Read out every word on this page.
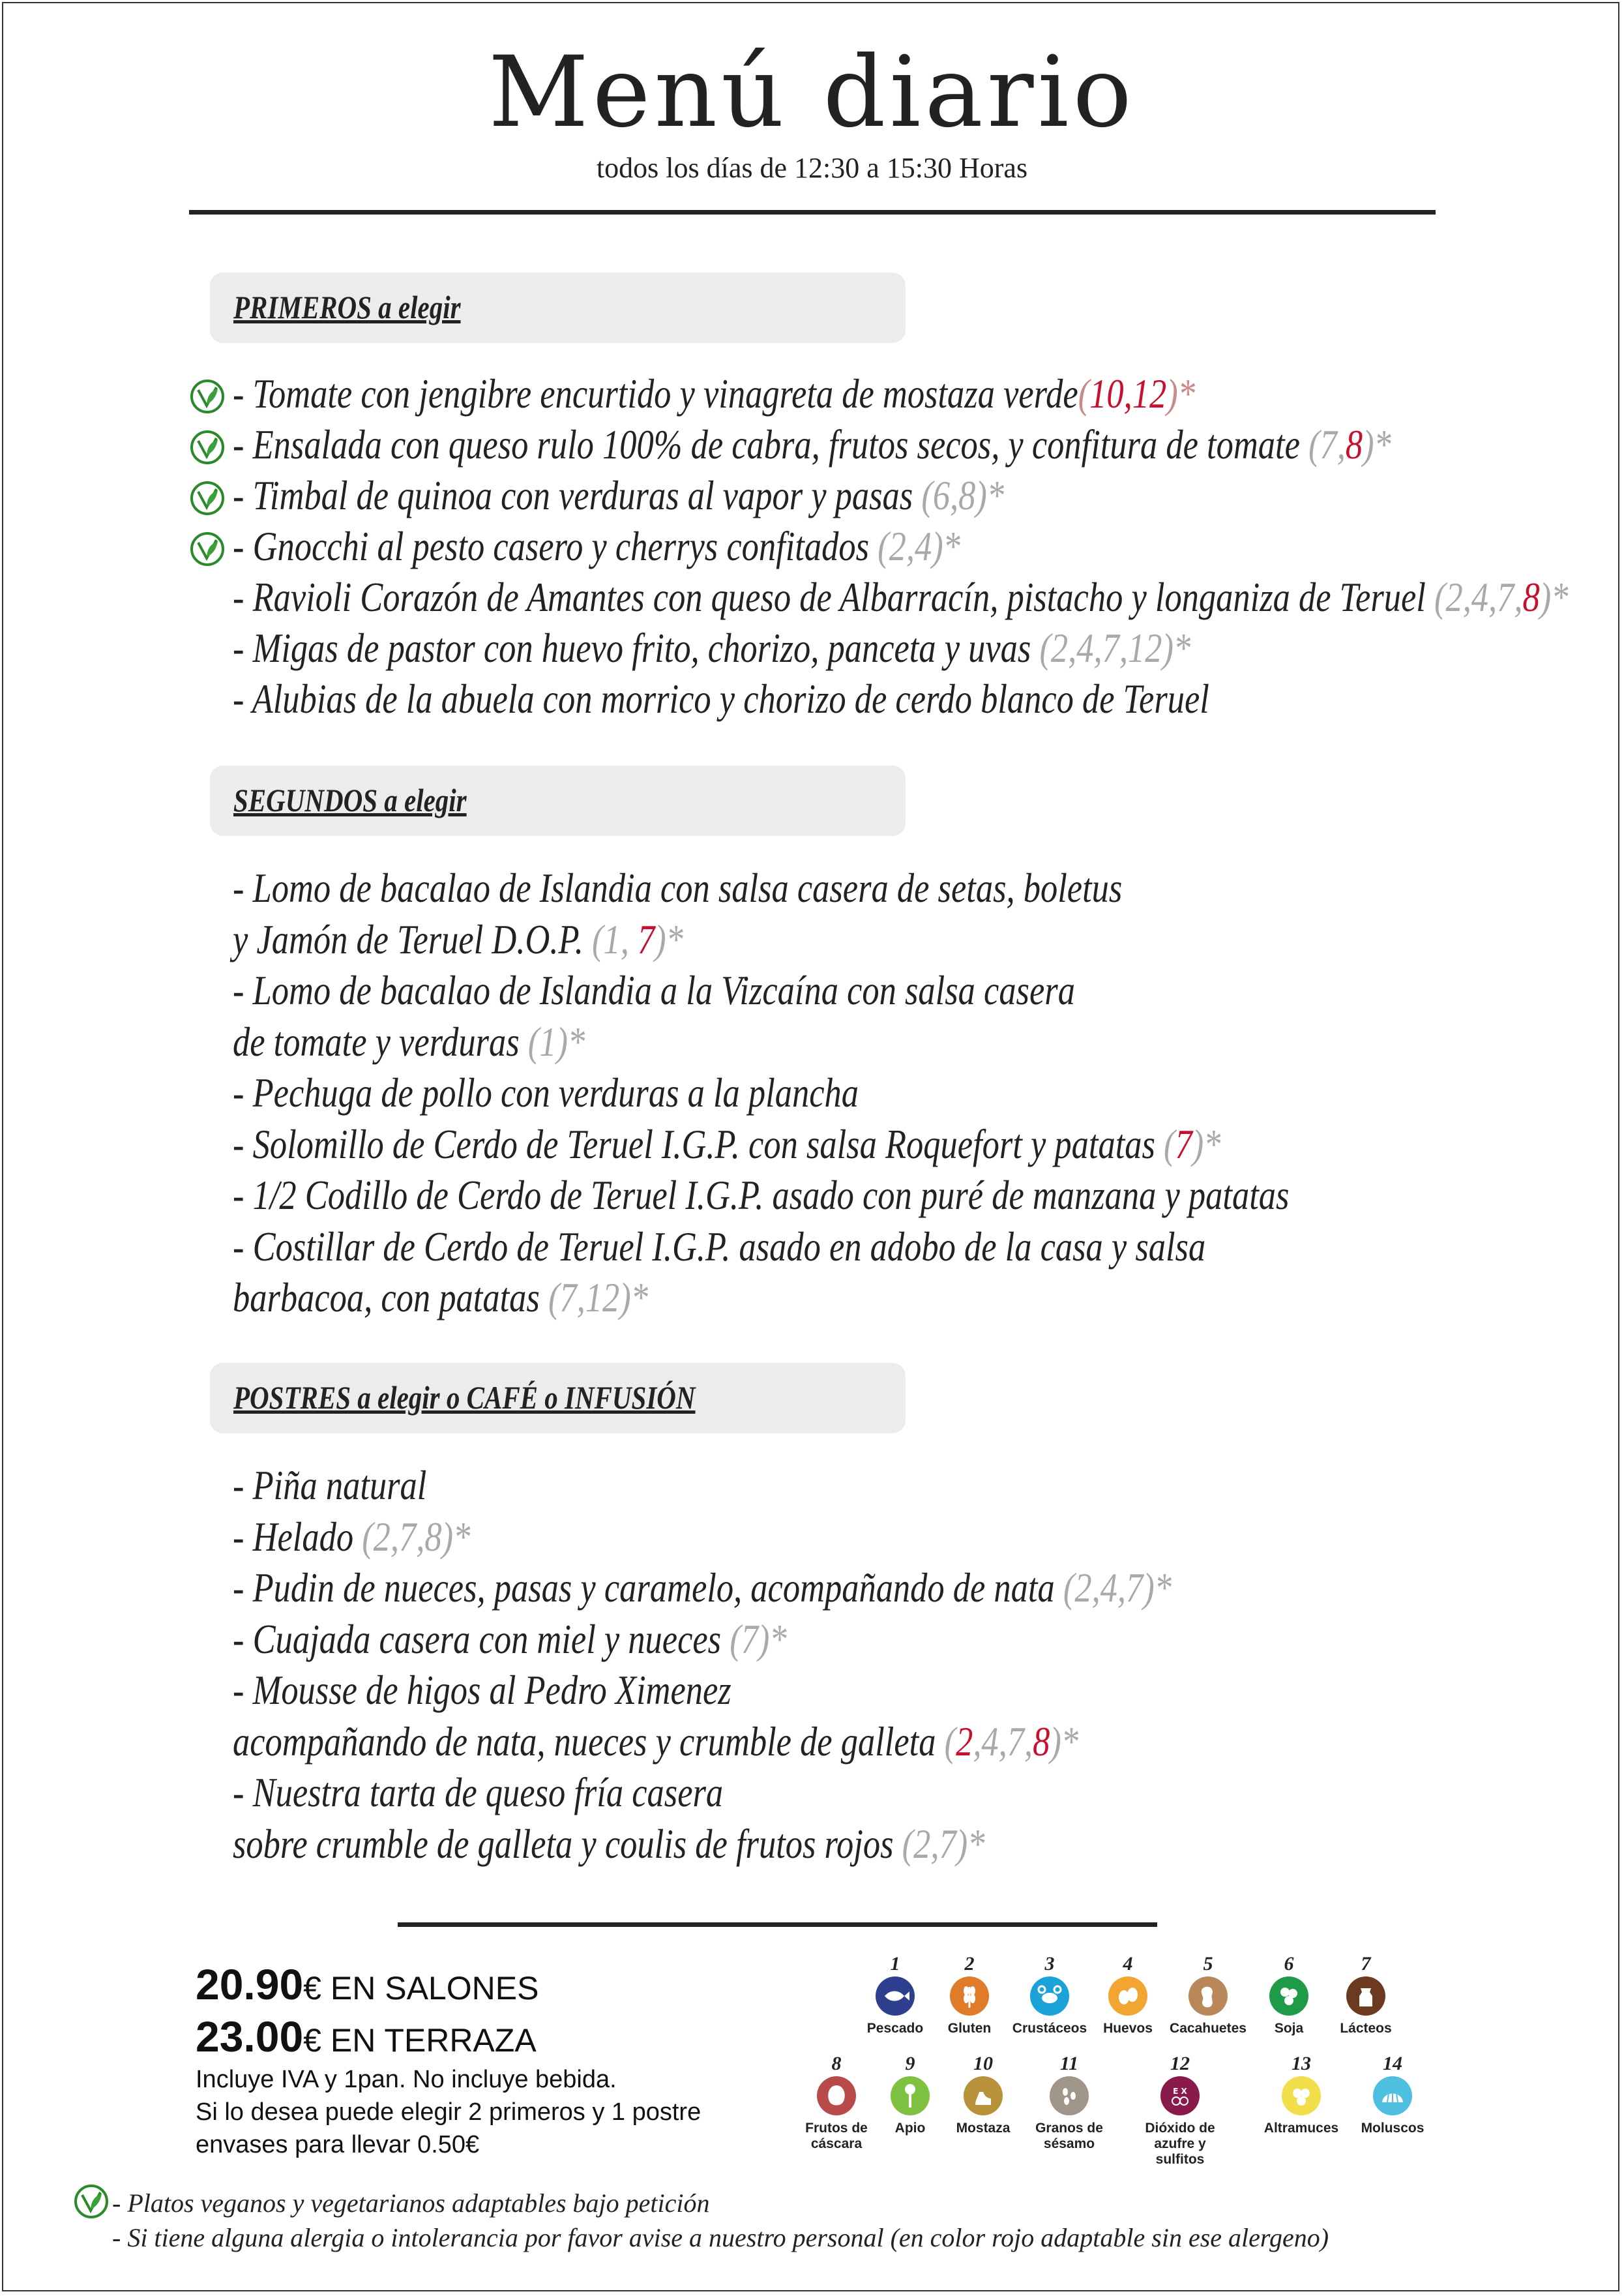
Menú diario
todos los días de 12:30 a 15:30 Horas
PRIMEROS a elegir
- Tomate con jengibre encurtido y vinagreta de mostaza verde(10,12)*
- Ensalada con queso rulo 100% de cabra, frutos secos, y confitura de tomate (7,8)*
- Timbal de quinoa con verduras al vapor y pasas (6,8)*
- Gnocchi al pesto casero y cherrys confitados (2,4)*
- Ravioli Corazón de Amantes con queso de Albarracín, pistacho y longaniza de Teruel (2,4,7,8)*
- Migas de pastor con huevo frito, chorizo, panceta y uvas (2,4,7,12)*
- Alubias de la abuela con morrico y chorizo de cerdo blanco de Teruel
SEGUNDOS a elegir
- Lomo de bacalao de Islandia con salsa casera de setas, boletus
y Jamón de Teruel D.O.P. (1, 7)*
- Lomo de bacalao de Islandia a la Vizcaína con salsa casera
de tomate y verduras (1)*
- Pechuga de pollo con verduras a la plancha
- Solomillo de Cerdo de Teruel I.G.P. con salsa Roquefort y patatas (7)*
- 1/2 Codillo de Cerdo de Teruel I.G.P. asado con puré de manzana y patatas
- Costillar de Cerdo de Teruel I.G.P. asado en adobo de la casa y salsa
barbacoa, con patatas (7,12)*
POSTRES a elegir o CAFÉ o INFUSIÓN
- Piña natural
- Helado (2,7,8)*
- Pudin de nueces, pasas y caramelo, acompañando de nata (2,4,7)*
- Cuajada casera con miel y nueces (7)*
- Mousse de higos al Pedro Ximenez
acompañando de nata, nueces y crumble de galleta (2,4,7,8)*
- Nuestra tarta de queso fría casera
sobre crumble de galleta y coulis de frutos rojos (2,7)*
20.90€ EN SALONES
23.00€ EN TERRAZA
Incluye IVA y 1pan. No incluye bebida.
Si lo desea puede elegir 2 primeros y 1 postre
envases para llevar 0.50€
1
Pescado
2
Gluten
3
Crustáceos
4
Huevos
5
Cacahuetes
6
Soja
7
Lácteos
8
Frutos de cáscara
9
Apio
10
Mostaza
11
Granos de sésamo
12
E X
Dióxido de azufre y sulfitos
13
Altramuces
14
Moluscos
- Platos veganos y vegetarianos adaptables bajo petición
- Si tiene alguna alergia o intolerancia por favor avise a nuestro personal (en color rojo adaptable sin ese alergeno)
